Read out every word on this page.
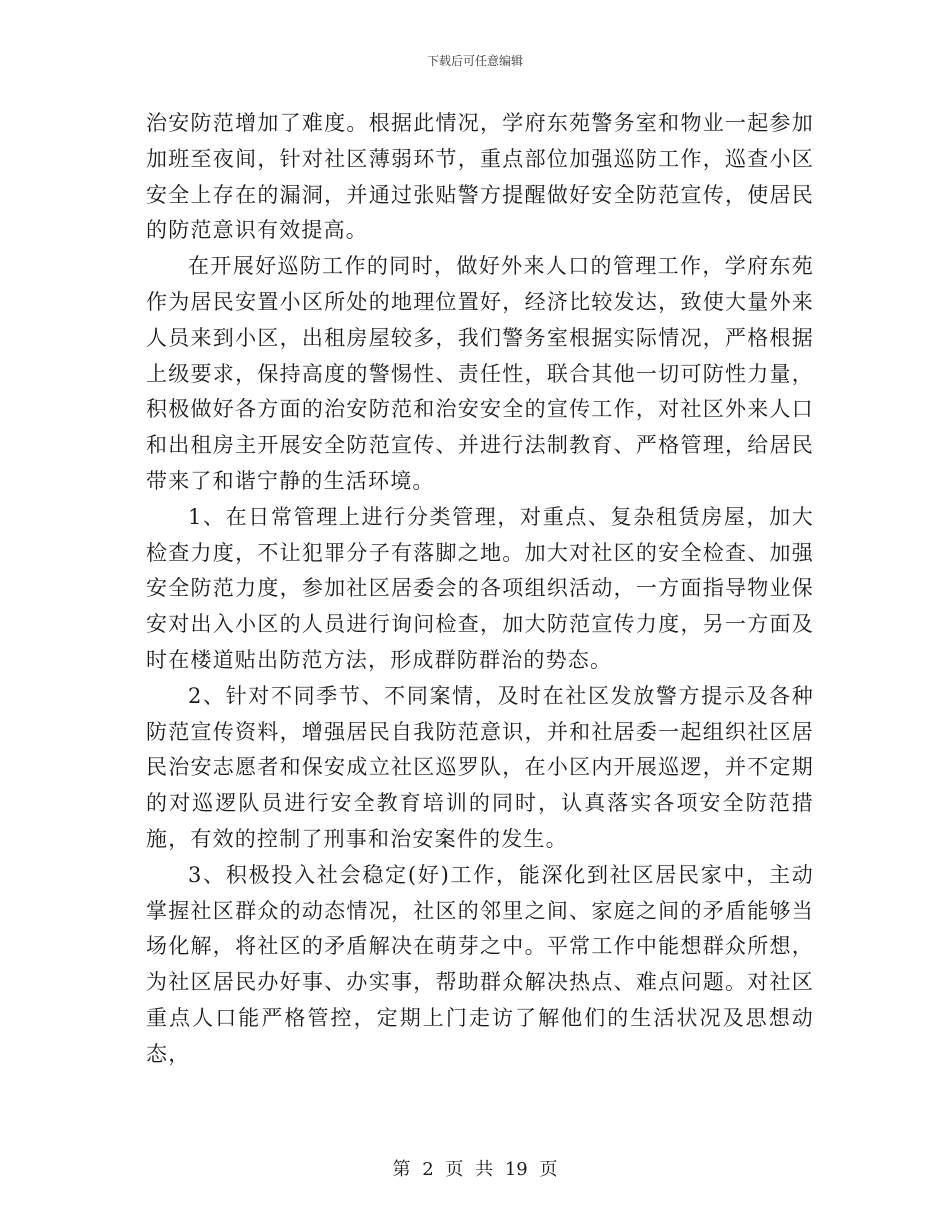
下载后可任意编辑

治安防范增加了难度。根据此情况，学府东苑警务室和物业一起参加加班至夜间，针对社区薄弱环节，重点部位加强巡防工作，巡查小区安全上存在的漏洞，并通过张贴警方提醒做好安全防范宣传，使居民的防范意识有效提高。

在开展好巡防工作的同时，做好外来人口的管理工作，学府东苑作为居民安置小区所处的地理位置好，经济比较发达，致使大量外来人员来到小区，出租房屋较多，我们警务室根据实际情况，严格根据上级要求，保持高度的警惕性、责任性，联合其他一切可防性力量，积极做好各方面的治安防范和治安安全的宣传工作，对社区外来人口和出租房主开展安全防范宣传、并进行法制教育、严格管理，给居民带来了和谐宁静的生活环境。

1、在日常管理上进行分类管理，对重点、复杂租赁房屋，加大检查力度，不让犯罪分子有落脚之地。加大对社区的安全检查、加强安全防范力度，参加社区居委会的各项组织活动，一方面指导物业保安对出入小区的人员进行询问检查，加大防范宣传力度，另一方面及时在楼道贴出防范方法，形成群防群治的势态。

2、针对不同季节、不同案情，及时在社区发放警方提示及各种防范宣传资料，增强居民自我防范意识，并和社居委一起组织社区居民治安志愿者和保安成立社区巡罗队，在小区内开展巡逻，并不定期的对巡逻队员进行安全教育培训的同时，认真落实各项安全防范措施，有效的控制了刑事和治安案件的发生。

3、积极投入社会稳定(好)工作，能深化到社区居民家中，主动掌握社区群众的动态情况，社区的邻里之间、家庭之间的矛盾能够当场化解，将社区的矛盾解决在萌芽之中。平常工作中能想群众所想，为社区居民办好事、办实事，帮助群众解决热点、难点问题。对社区重点人口能严格管控，定期上门走访了解他们的生活状况及思想动态，

第 2 页 共 19 页
